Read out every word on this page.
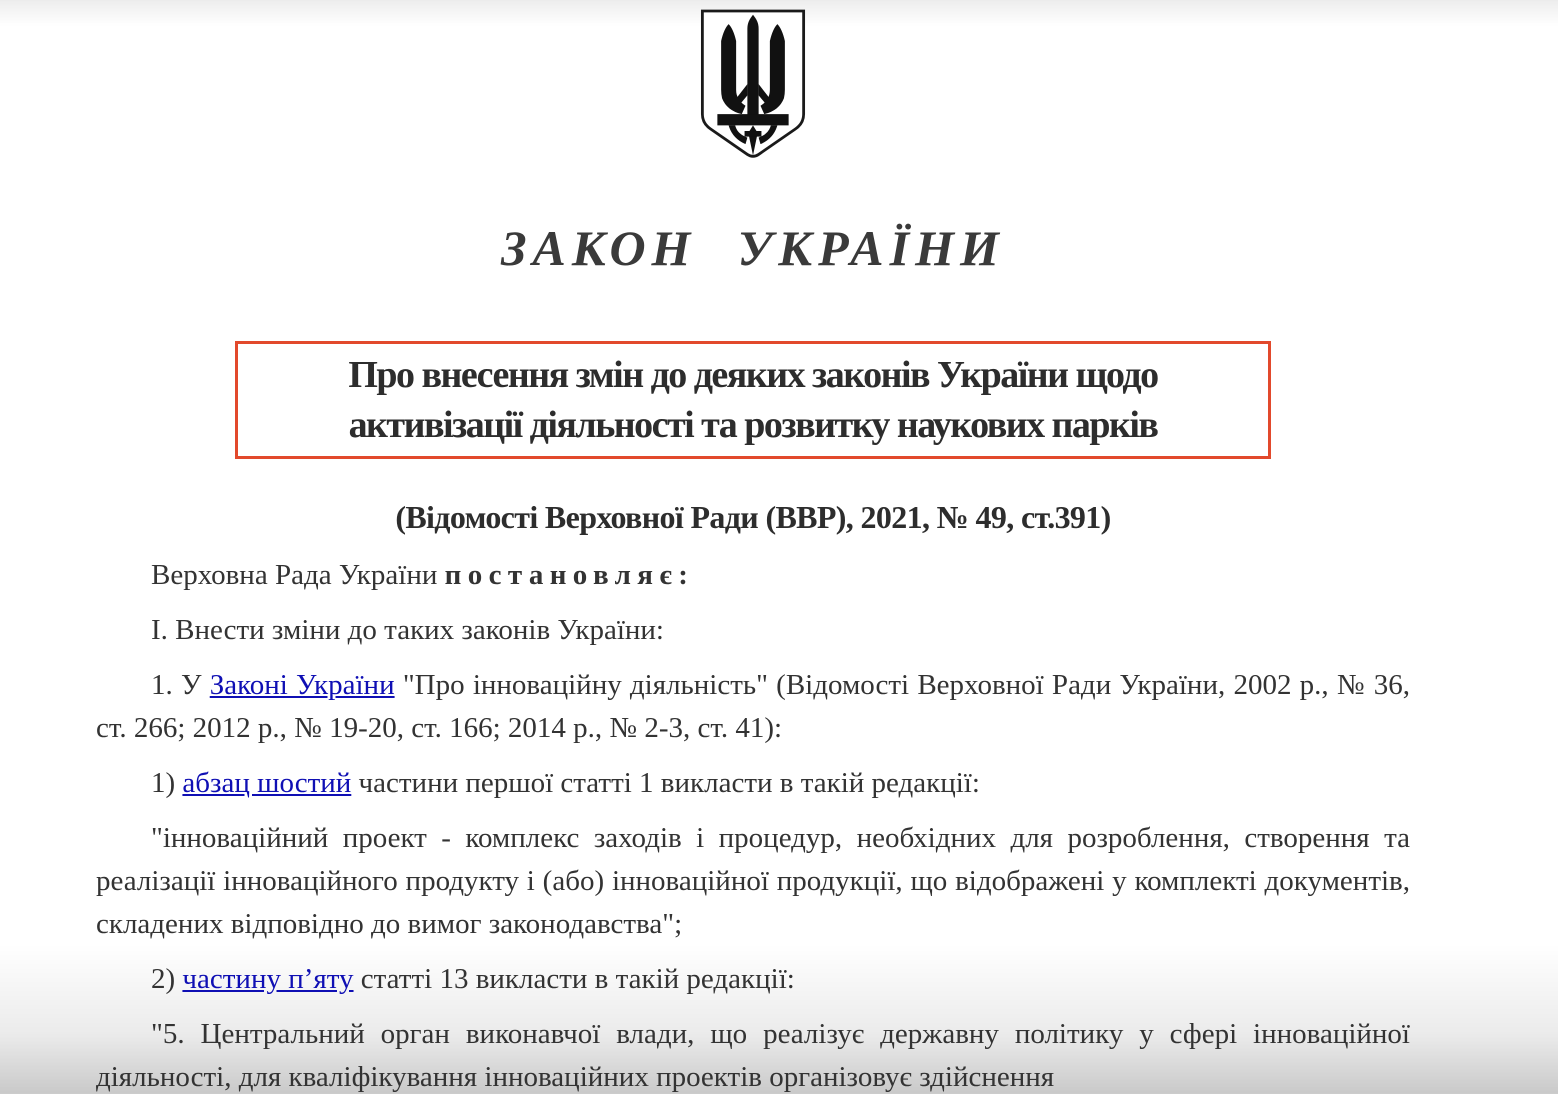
ЗАКОН УКРАЇНИ
Про внесення змін до деяких законів України щодо
активізації діяльності та розвитку наукових парків

(Відомості Верховної Ради (ВВР), 2021, № 49, ст.391)

Верховна Рада України постановляє:

І. Внести зміни до таких законів України:

1. У Законі України "Про інноваційну діяльність" (Відомості Верховної Ради України, 2002 р., № 36, ст. 266; 2012 р., № 19-20, ст. 166; 2014 р., № 2-3, ст. 41):

1) абзац шостий частини першої статті 1 викласти в такій редакції:

"інноваційний проект - комплекс заходів і процедур, необхідних для розроблення, створення та реалізації інноваційного продукту і (або) інноваційної продукції, що відображені у комплекті документів, складених відповідно до вимог законодавства";

2) частину п’яту статті 13 викласти в такій редакції:

"5. Центральний орган виконавчої влади, що реалізує державну політику у сфері інноваційної діяльності, для кваліфікування інноваційних проектів організовує здійснення
